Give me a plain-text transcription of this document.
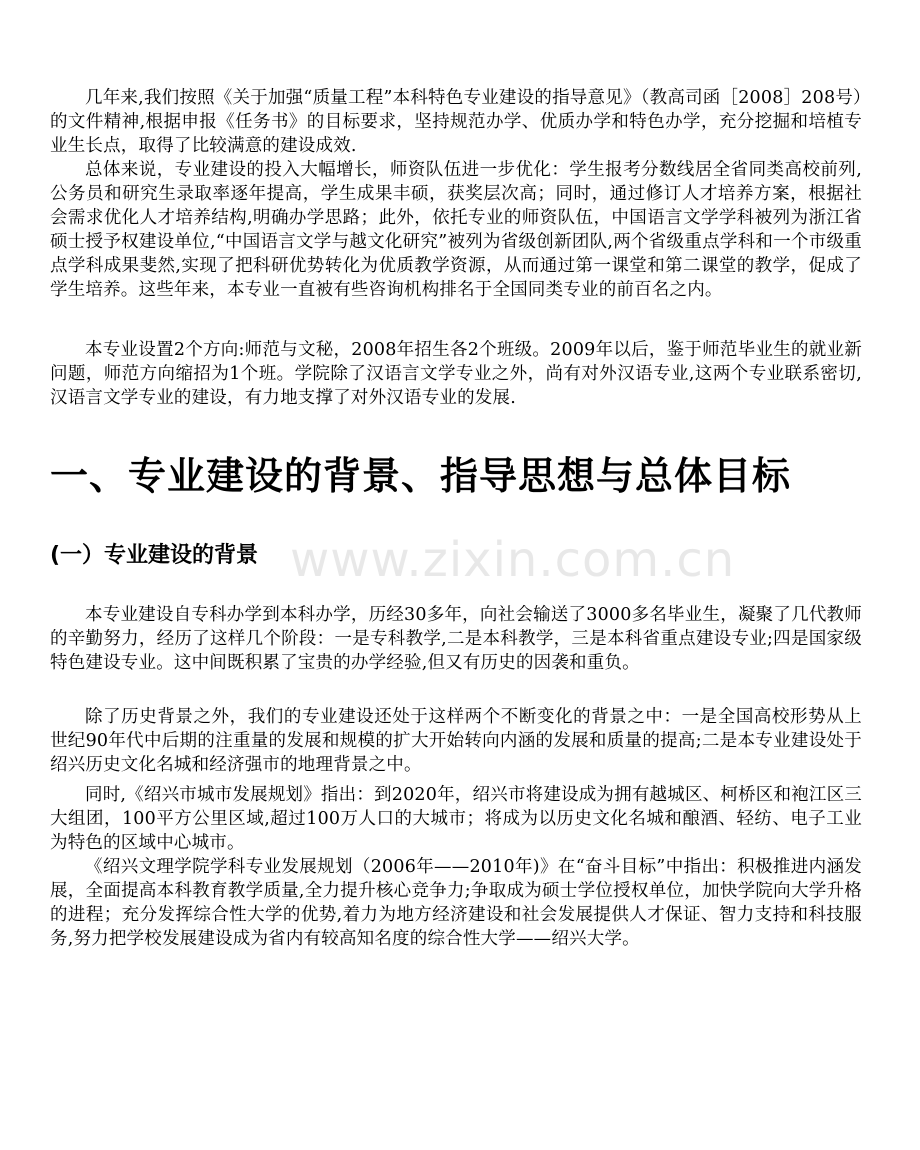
几年来,我们按照《关于加强“质量工程”本科特色专业建设的指导意见》（教高司函［2008］208号）的文件精神,根据申报《任务书》的目标要求，坚持规范办学、优质办学和特色办学，充分挖掘和培植专业生长点，取得了比较满意的建设成效.

总体来说，专业建设的投入大幅增长，师资队伍进一步优化：学生报考分数线居全省同类高校前列,公务员和研究生录取率逐年提高，学生成果丰硕，获奖层次高；同时，通过修订人才培养方案，根据社会需求优化人才培养结构,明确办学思路；此外，依托专业的师资队伍，中国语言文学学科被列为浙江省硕士授予权建设单位,“中国语言文学与越文化研究”被列为省级创新团队,两个省级重点学科和一个市级重点学科成果斐然,实现了把科研优势转化为优质教学资源，从而通过第一课堂和第二课堂的教学，促成了学生培养。这些年来，本专业一直被有些咨询机构排名于全国同类专业的前百名之内。

本专业设置2个方向:师范与文秘，2008年招生各2个班级。2009年以后，鉴于师范毕业生的就业新问题，师范方向缩招为1个班。学院除了汉语言文学专业之外，尚有对外汉语专业,这两个专业联系密切,汉语言文学专业的建设，有力地支撑了对外汉语专业的发展.

一、专业建设的背景、指导思想与总体目标
www.zixin.com.cn
(一）专业建设的背景

本专业建设自专科办学到本科办学，历经30多年，向社会输送了3000多名毕业生，凝聚了几代教师的辛勤努力，经历了这样几个阶段：一是专科教学,二是本科教学，三是本科省重点建设专业;四是国家级特色建设专业。这中间既积累了宝贵的办学经验,但又有历史的因袭和重负。

除了历史背景之外，我们的专业建设还处于这样两个不断变化的背景之中：一是全国高校形势从上世纪90年代中后期的注重量的发展和规模的扩大开始转向内涵的发展和质量的提高;二是本专业建设处于绍兴历史文化名城和经济强市的地理背景之中。

同时,《绍兴市城市发展规划》指出：到2020年，绍兴市将建设成为拥有越城区、柯桥区和袍江区三大组团，100平方公里区域,超过100万人口的大城市；将成为以历史文化名城和酿酒、轻纺、电子工业为特色的区域中心城市。

《绍兴文理学院学科专业发展规划（2006年——2010年)》在“奋斗目标”中指出：积极推进内涵发展，全面提高本科教育教学质量,全力提升核心竞争力;争取成为硕士学位授权单位，加快学院向大学升格的进程；充分发挥综合性大学的优势,着力为地方经济建设和社会发展提供人才保证、智力支持和科技服务,努力把学校发展建设成为省内有较高知名度的综合性大学——绍兴大学。
